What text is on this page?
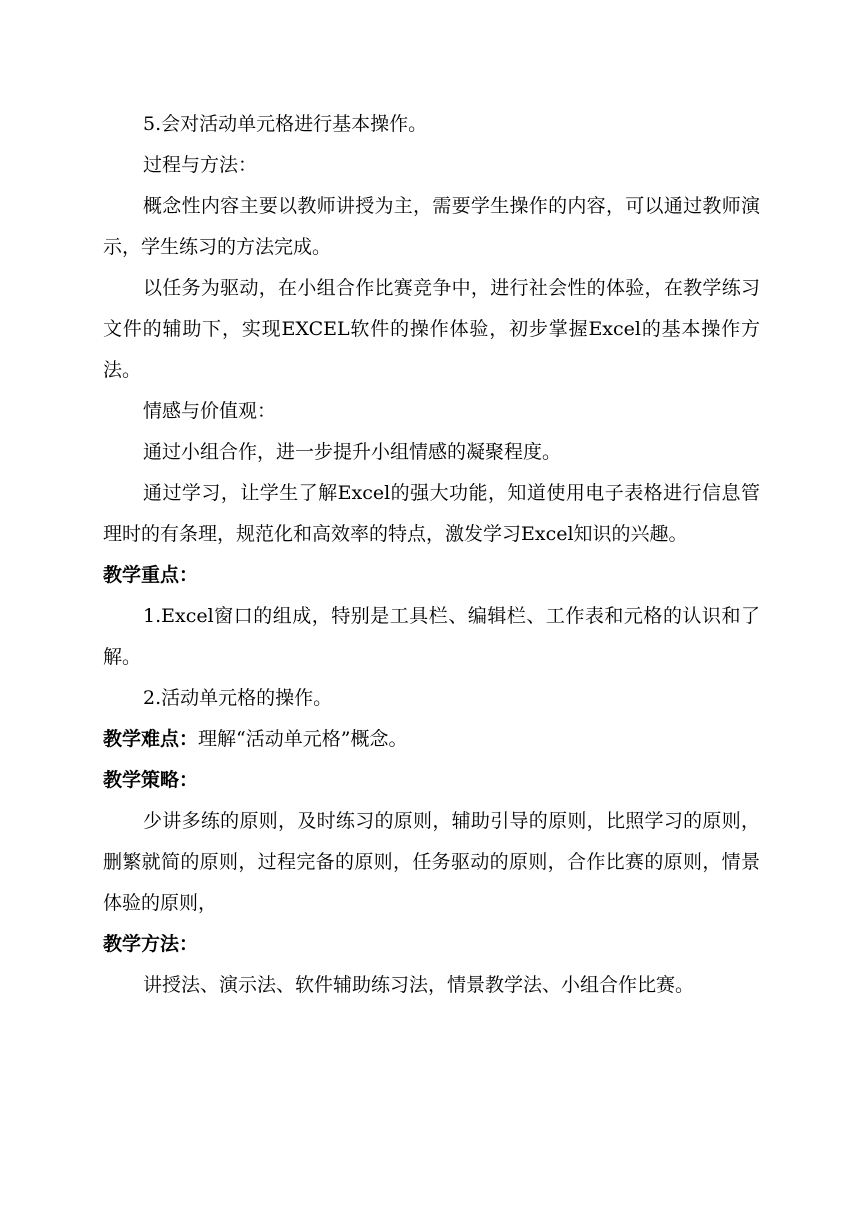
5.会对活动单元格进行基本操作。

过程与方法：

概念性内容主要以教师讲授为主，需要学生操作的内容，可以通过教师演示，学生练习的方法完成。

以任务为驱动，在小组合作比赛竞争中，进行社会性的体验，在教学练习文件的辅助下，实现EXCEL软件的操作体验，初步掌握Excel的基本操作方法。

情感与价值观：

通过小组合作，进一步提升小组情感的凝聚程度。

通过学习，让学生了解Excel的强大功能，知道使用电子表格进行信息管理时的有条理，规范化和高效率的特点，激发学习Excel知识的兴趣。

教学重点：

1.Excel窗口的组成，特别是工具栏、编辑栏、工作表和元格的认识和了解。

2.活动单元格的操作。

教学难点：理解“活动单元格”概念。

教学策略：

少讲多练的原则，及时练习的原则，辅助引导的原则，比照学习的原则，删繁就简的原则，过程完备的原则，任务驱动的原则，合作比赛的原则，情景体验的原则，

教学方法：

讲授法、演示法、软件辅助练习法，情景教学法、小组合作比赛。
